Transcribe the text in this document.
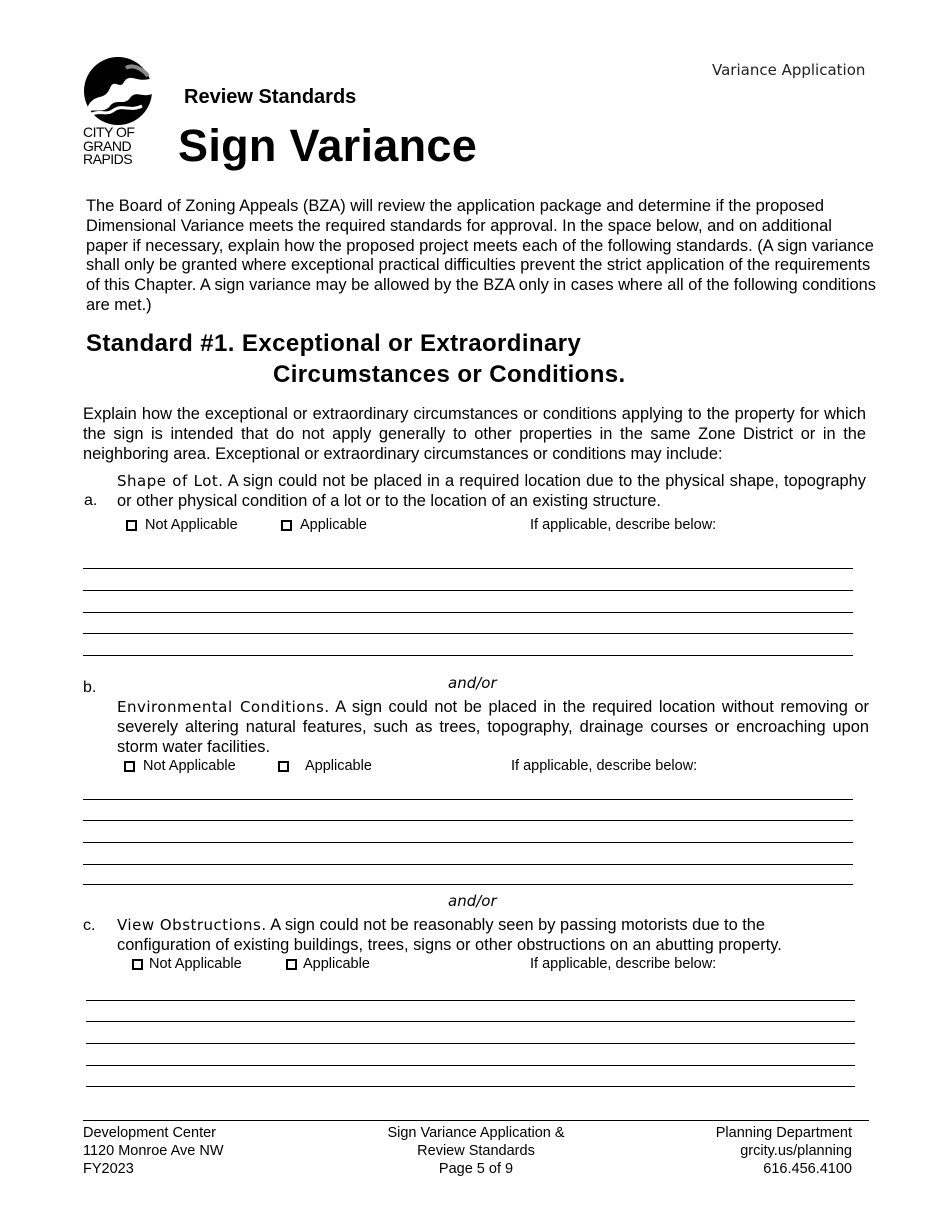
Variance Application
CITY OF
GRAND
RAPIDS
Review Standards
Sign Variance
The Board of Zoning Appeals (BZA) will review the application package and determine if the proposed Dimensional Variance meets the required standards for approval. In the space below, and on additional paper if necessary, explain how the proposed project meets each of the following standards. (A sign variance shall only be granted where exceptional practical difficulties prevent the strict application of the requirements of this Chapter. A sign variance may be allowed by the BZA only in cases where all of the following conditions are met.)
Standard #1. Exceptional or Extraordinary
Circumstances or Conditions.
Explain how the exceptional or extraordinary circumstances or conditions applying to the property for which the sign is intended that do not apply generally to other properties in the same Zone District or in the neighboring area. Exceptional or extraordinary circumstances or conditions may include:
a.
Shape of Lot. A sign could not be placed in a required location due to the physical shape, topography or other physical condition of a lot or to the location of an existing structure.
Not Applicable	Applicable	If applicable, describe below:
and/or
b.
Environmental Conditions. A sign could not be placed in the required location without removing or severely altering natural features, such as trees, topography, drainage courses or encroaching upon storm water facilities.
Not Applicable	Applicable	If applicable, describe below:
and/or
c. View Obstructions. A sign could not be reasonably seen by passing motorists due to the configuration of existing buildings, trees, signs or other obstructions on an abutting property.
Not Applicable	Applicable	If applicable, describe below:
Development Center
1120 Monroe Ave NW
FY2023
Sign Variance Application &
Review Standards
Page 5 of 9
Planning Department
grcity.us/planning
616.456.4100
